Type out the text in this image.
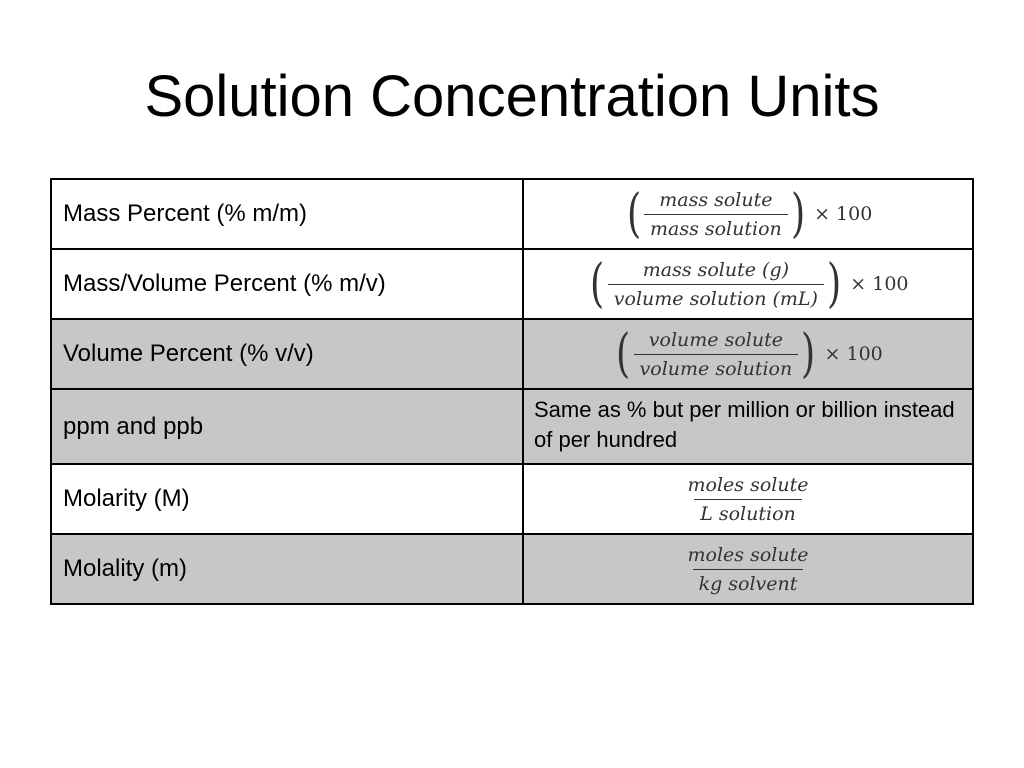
Solution Concentration Units
Mass Percent (% m/m)	( $\frac{\text{mass solute}}{\text{mass solution}}$ ) × 100

Mass/Volume Percent (% m/v)	( $\frac{\text{mass solute (g)}}{\text{volume solution (mL)}}$ ) × 100

Volume Percent (% v/v)	( $\frac{\text{volume solute}}{\text{volume solution}}$ ) × 100

ppm and ppb	Same as % but per million or billion instead of per hundred
Molarity (M)	$\frac{\text{moles solute}}{\text{L solution}}$

Molality (m)	$\frac{\text{moles solute}}{\text{kg solvent}}$
